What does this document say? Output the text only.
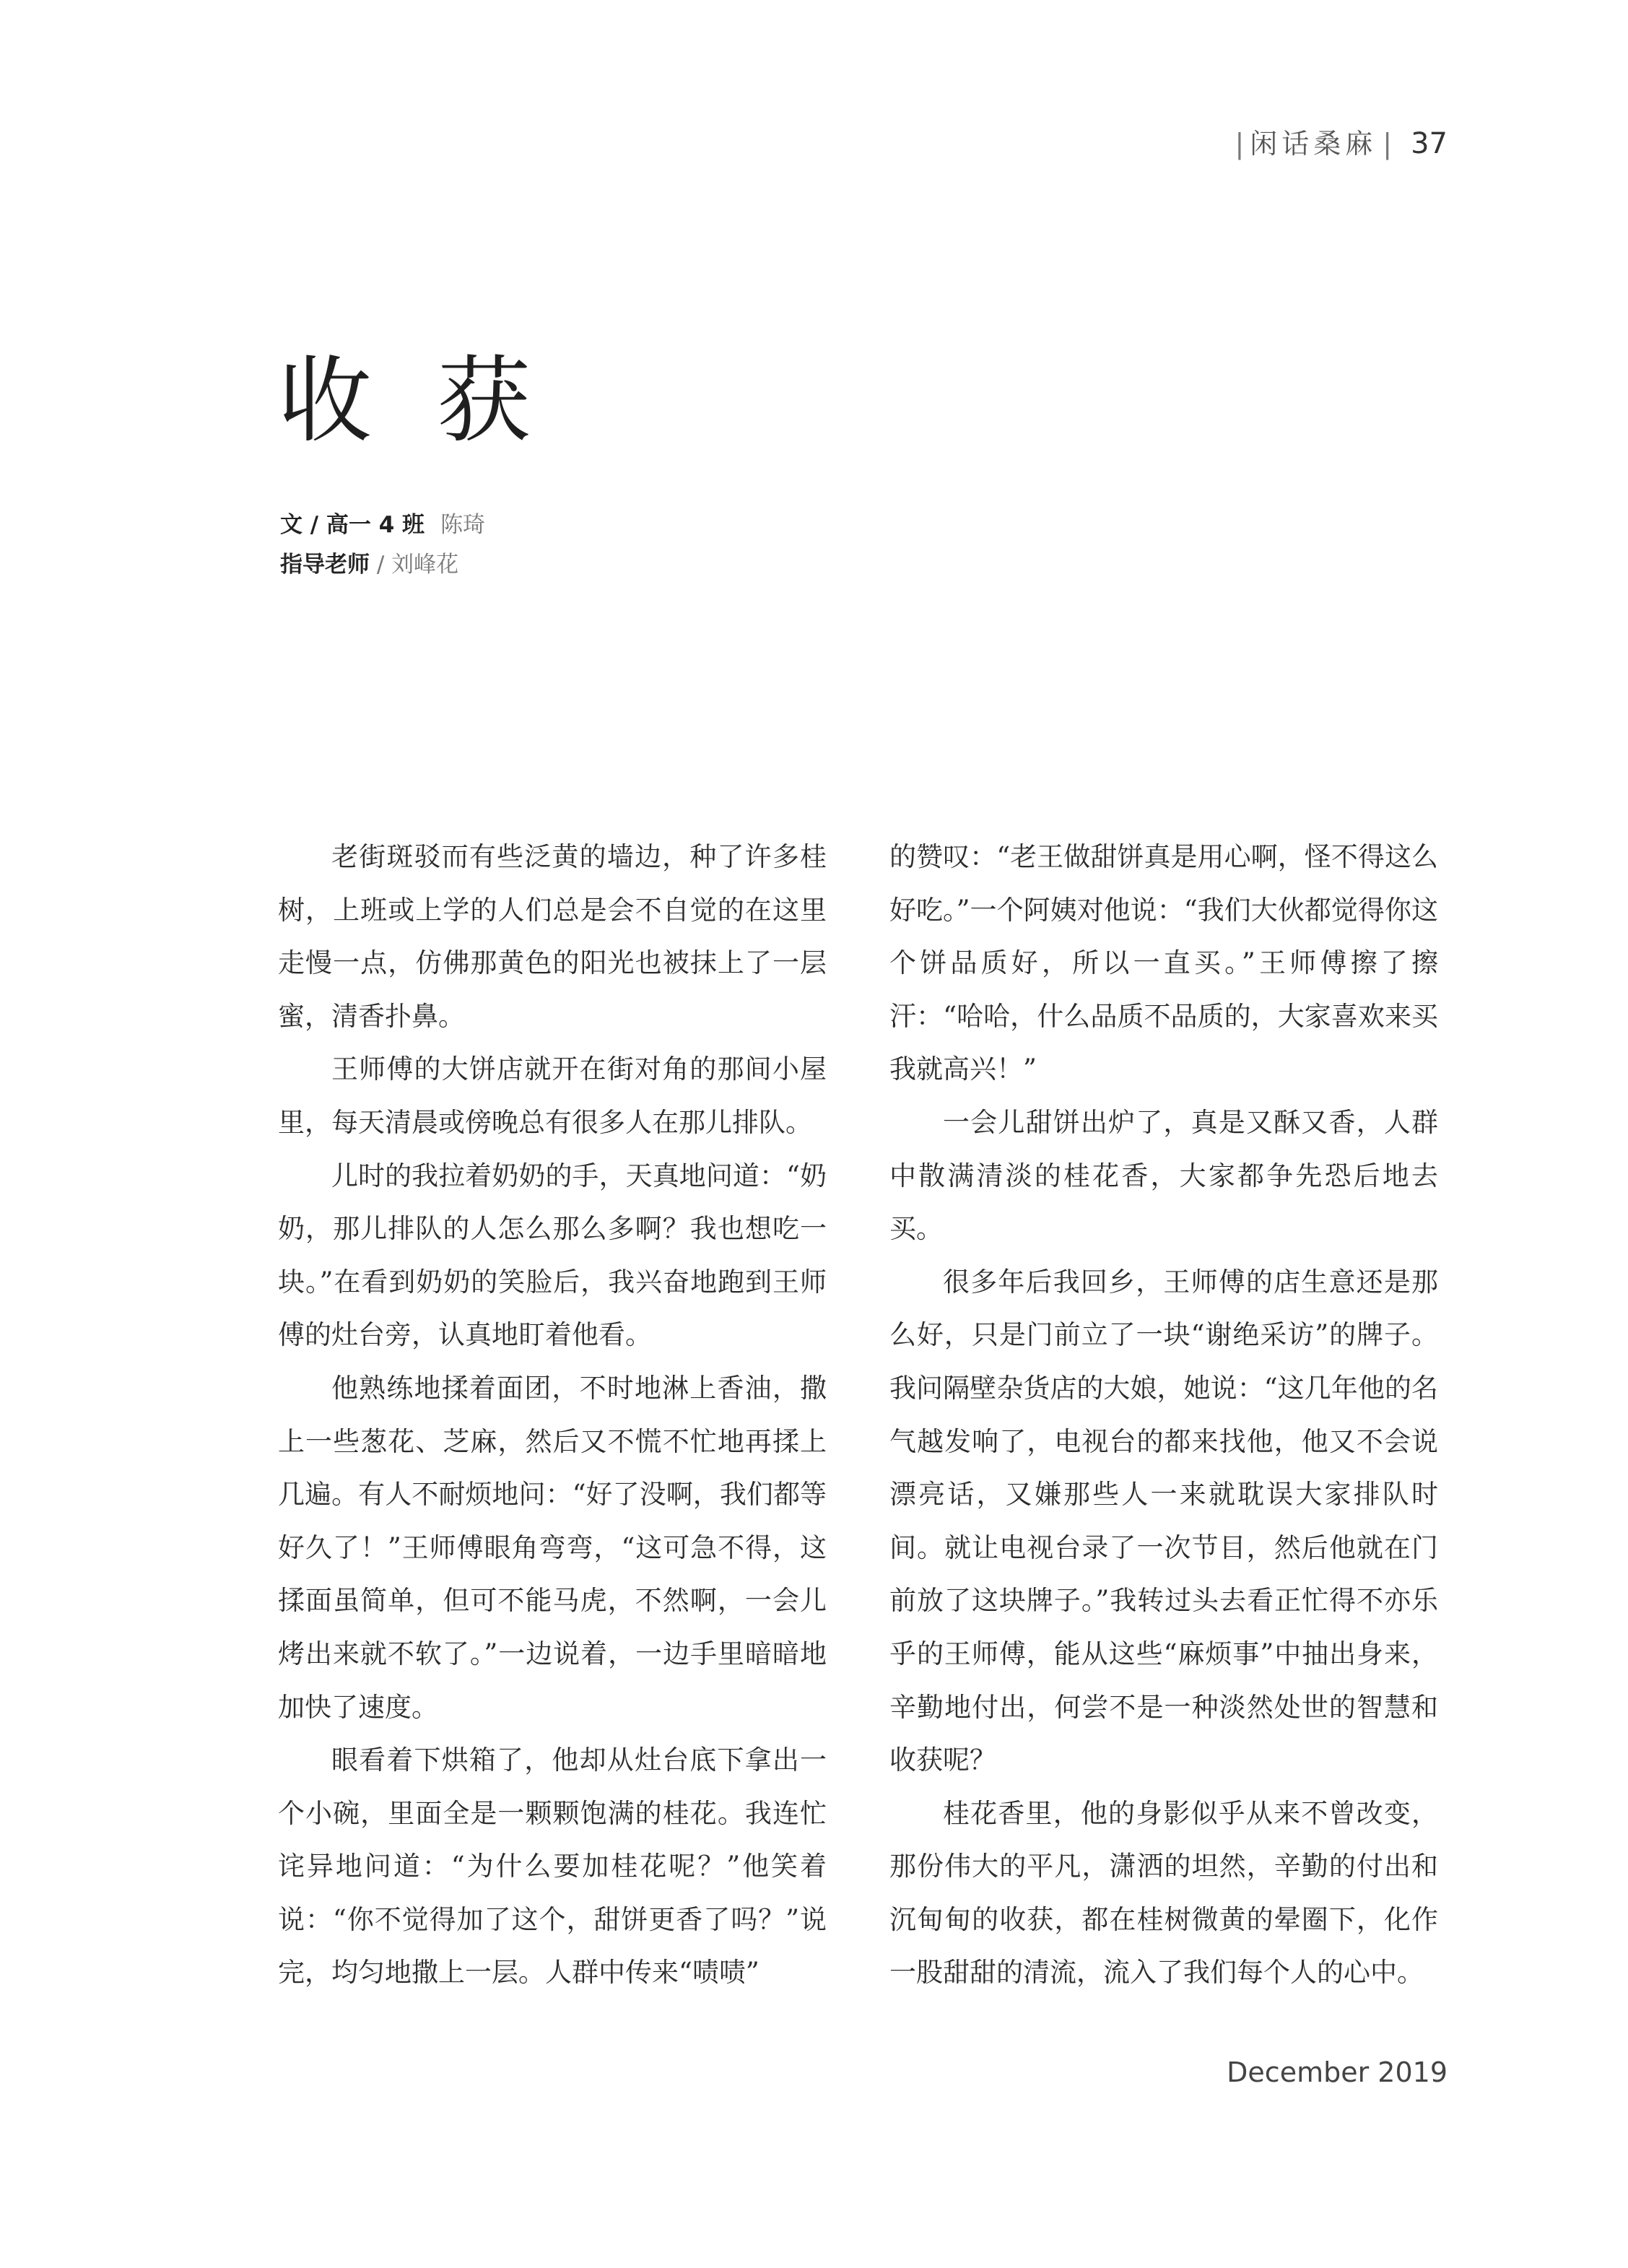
| 闲话桑麻 | 37
收获
文 / 高一 4 班 陈琦
指导老师 / 刘峰花

老街斑驳而有些泛黄的墙边，种了许多桂树，上班或上学的人们总是会不自觉的在这里走慢一点，仿佛那黄色的阳光也被抹上了一层蜜，清香扑鼻。

王师傅的大饼店就开在街对角的那间小屋里，每天清晨或傍晚总有很多人在那儿排队。

儿时的我拉着奶奶的手，天真地问道：“奶奶，那儿排队的人怎么那么多啊？我也想吃一块。”在看到奶奶的笑脸后，我兴奋地跑到王师傅的灶台旁，认真地盯着他看。

他熟练地揉着面团，不时地淋上香油，撒上一些葱花、芝麻，然后又不慌不忙地再揉上几遍。有人不耐烦地问：“好了没啊，我们都等好久了！”王师傅眼角弯弯，“这可急不得，这揉面虽简单，但可不能马虎，不然啊，一会儿烤出来就不软了。”一边说着，一边手里暗暗地加快了速度。

眼看着下烘箱了，他却从灶台底下拿出一个小碗，里面全是一颗颗饱满的桂花。我连忙诧异地问道：“为什么要加桂花呢？”他笑着说：“你不觉得加了这个，甜饼更香了吗？”说完，均匀地撒上一层。人群中传来“啧啧”

的赞叹：“老王做甜饼真是用心啊，怪不得这么好吃。”一个阿姨对他说：“我们大伙都觉得你这个饼品质好，所以一直买。”王师傅擦了擦汗：“哈哈，什么品质不品质的，大家喜欢来买我就高兴！”

一会儿甜饼出炉了，真是又酥又香，人群中散满清淡的桂花香，大家都争先恐后地去买。

很多年后我回乡，王师傅的店生意还是那么好，只是门前立了一块“谢绝采访”的牌子。我问隔壁杂货店的大娘，她说：“这几年他的名气越发响了，电视台的都来找他，他又不会说漂亮话，又嫌那些人一来就耽误大家排队时间。就让电视台录了一次节目，然后他就在门前放了这块牌子。”我转过头去看正忙得不亦乐乎的王师傅，能从这些“麻烦事”中抽出身来，辛勤地付出，何尝不是一种淡然处世的智慧和收获呢？

桂花香里，他的身影似乎从来不曾改变，那份伟大的平凡，潇洒的坦然，辛勤的付出和沉甸甸的收获，都在桂树微黄的晕圈下，化作一股甜甜的清流，流入了我们每个人的心中。

December 2019
